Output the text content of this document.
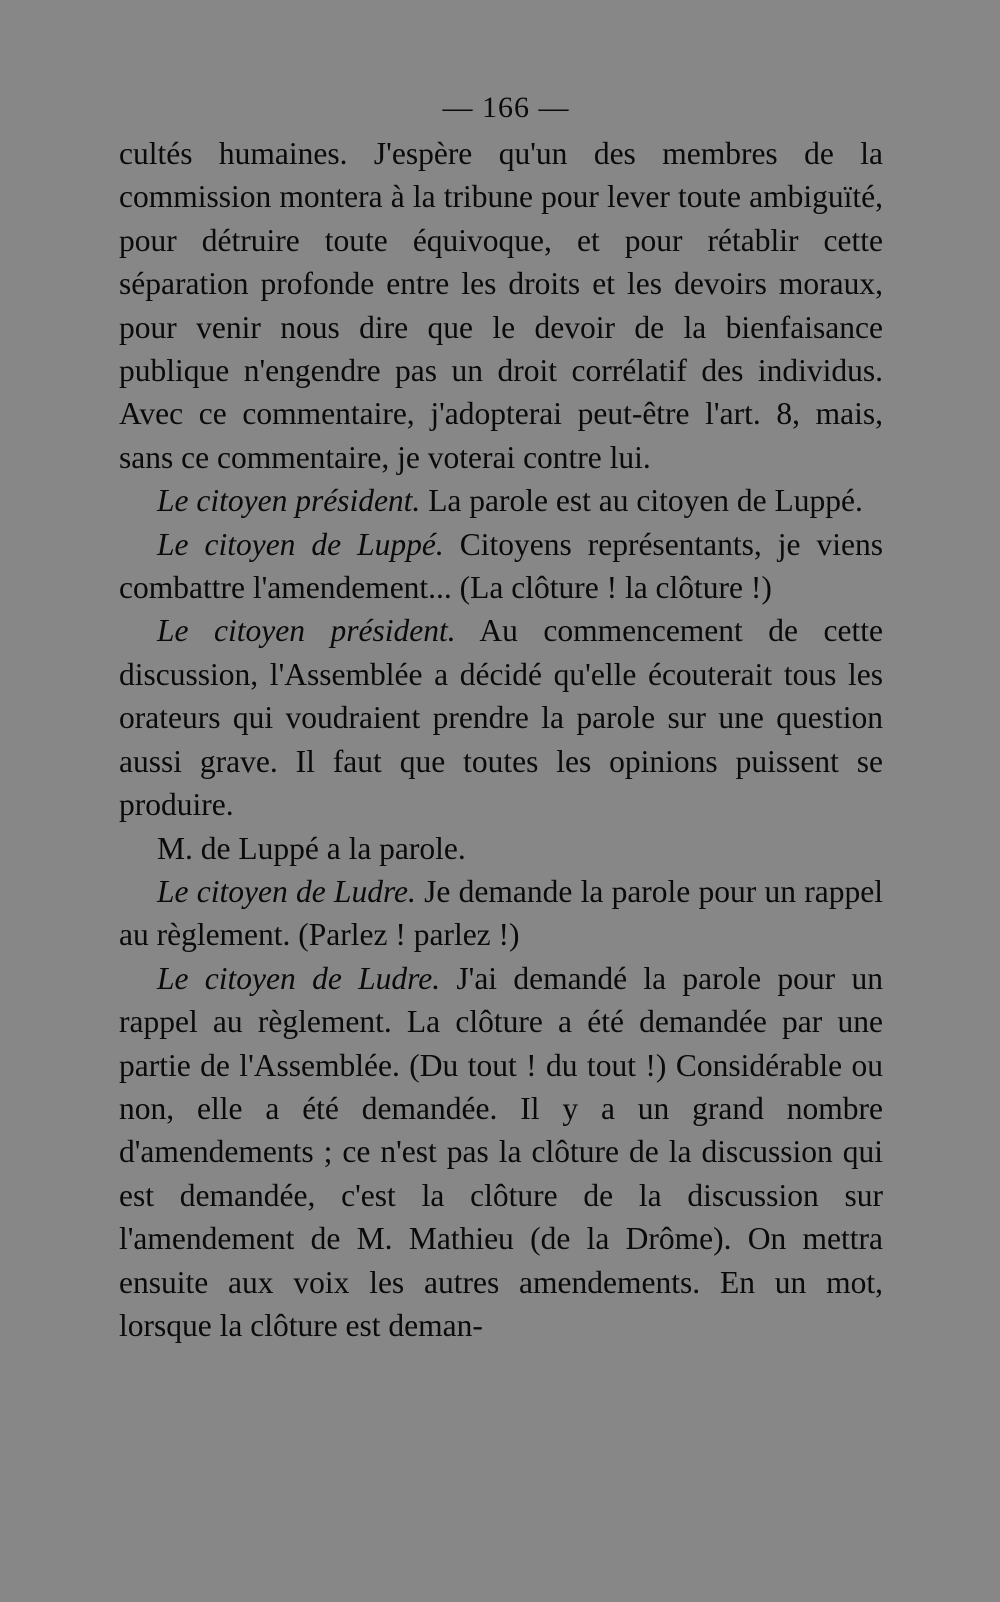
— 166 —

cultés humaines. J'espère qu'un des membres de la commission montera à la tribune pour lever toute ambiguïté, pour détruire toute équivoque, et pour rétablir cette séparation profonde entre les droits et les devoirs moraux, pour venir nous dire que le devoir de la bienfaisance publique n'engendre pas un droit corrélatif des individus. Avec ce commentaire, j'adopterai peut-être l'art. 8, mais, sans ce commentaire, je voterai contre lui.

Le citoyen président. La parole est au citoyen de Luppé.

Le citoyen de Luppé. Citoyens représentants, je viens combattre l'amendement... (La clôture ! la clôture !)

Le citoyen président. Au commencement de cette discussion, l'Assemblée a décidé qu'elle écouterait tous les orateurs qui voudraient prendre la parole sur une question aussi grave. Il faut que toutes les opinions puissent se produire.

M. de Luppé a la parole.

Le citoyen de Ludre. Je demande la parole pour un rappel au règlement. (Parlez ! parlez !)

Le citoyen de Ludre. J'ai demandé la parole pour un rappel au règlement. La clôture a été demandée par une partie de l'Assemblée. (Du tout ! du tout !) Considérable ou non, elle a été demandée. Il y a un grand nombre d'amendements ; ce n'est pas la clôture de la discussion qui est demandée, c'est la clôture de la discussion sur l'amendement de M. Mathieu (de la Drôme). On mettra ensuite aux voix les autres amendements. En un mot, lorsque la clôture est deman-
